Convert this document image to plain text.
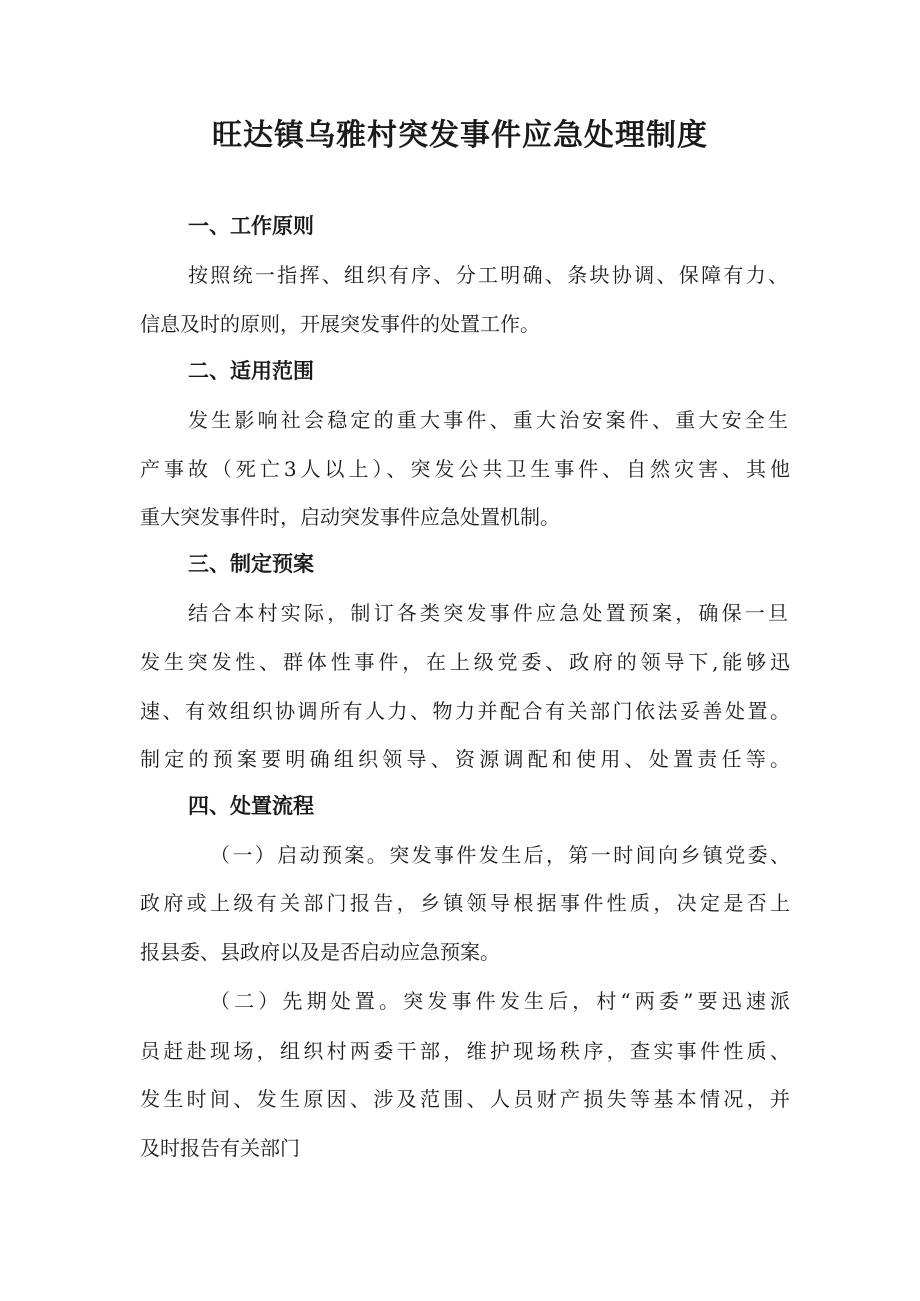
旺达镇乌雅村突发事件应急处理制度

一、工作原则

按照统一指挥、组织有序、分工明确、条块协调、保障有力、

信息及时的原则，开展突发事件的处置工作。

二、适用范围

发生影响社会稳定的重大事件、重大治安案件、重大安全生

产事故（死亡3人以上）、突发公共卫生事件、自然灾害、其他

重大突发事件时，启动突发事件应急处置机制。

三、制定预案

结合本村实际，制订各类突发事件应急处置预案，确保一旦

发生突发性、群体性事件，在上级党委、政府的领导下,能够迅

速、有效组织协调所有人力、物力并配合有关部门依法妥善处置。

制定的预案要明确组织领导、资源调配和使用、处置责任等。

四、处置流程

（一）启动预案。突发事件发生后，第一时间向乡镇党委、

政府或上级有关部门报告，乡镇领导根据事件性质，决定是否上

报县委、县政府以及是否启动应急预案。

（二）先期处置。突发事件发生后，村“两委”要迅速派

员赶赴现场，组织村两委干部，维护现场秩序，查实事件性质、

发生时间、发生原因、涉及范围、人员财产损失等基本情况，并

及时报告有关部门
